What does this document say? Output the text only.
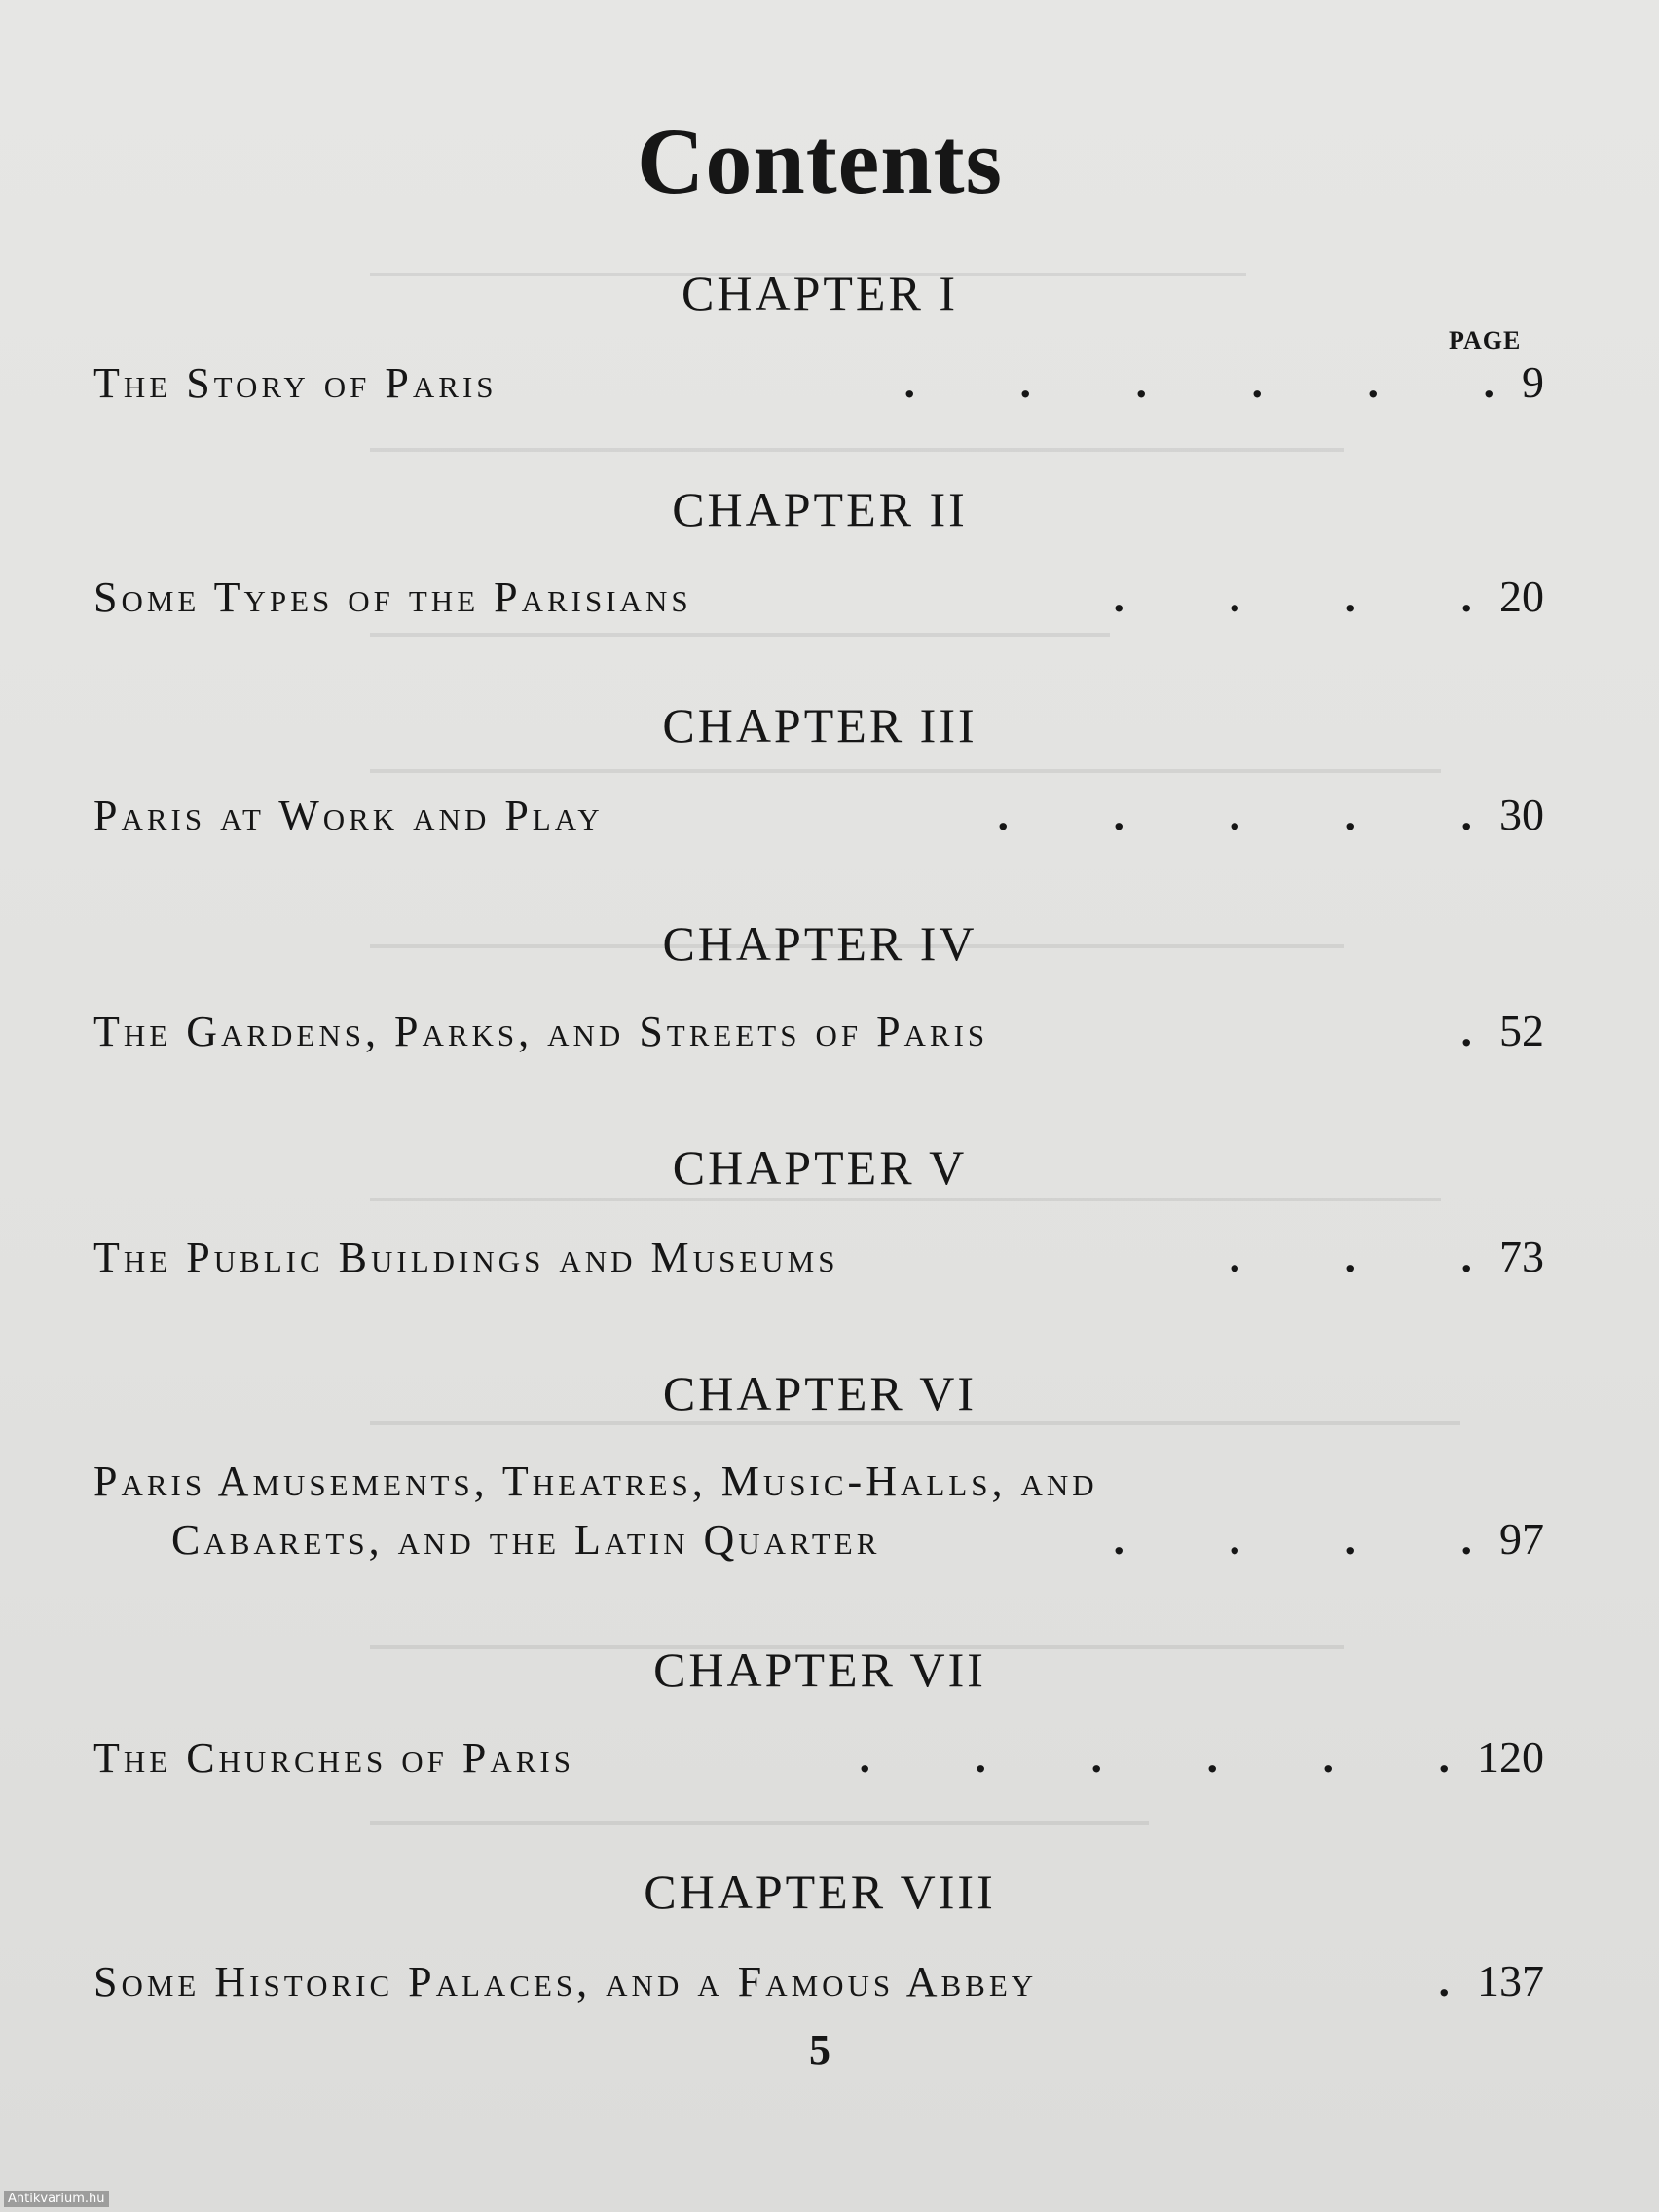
Contents
PAGE
CHAPTER I
The Story of Paris	. . . . . . 9
CHAPTER II
Some Types of the Parisians	. . . . 20
CHAPTER III
Paris at Work and Play	. . . . . 30
CHAPTER IV
The Gardens, Parks, and Streets of Paris	. 52
CHAPTER V
The Public Buildings and Museums	. . . 73
CHAPTER VI
Paris Amusements, Theatres, Music-Halls, and
Cabarets, and the Latin Quarter	. . . . 97
CHAPTER VII
The Churches of Paris	. . . . . . 120
CHAPTER VIII
Some Historic Palaces, and a Famous Abbey	. 137
5
Antikvarium.hu
